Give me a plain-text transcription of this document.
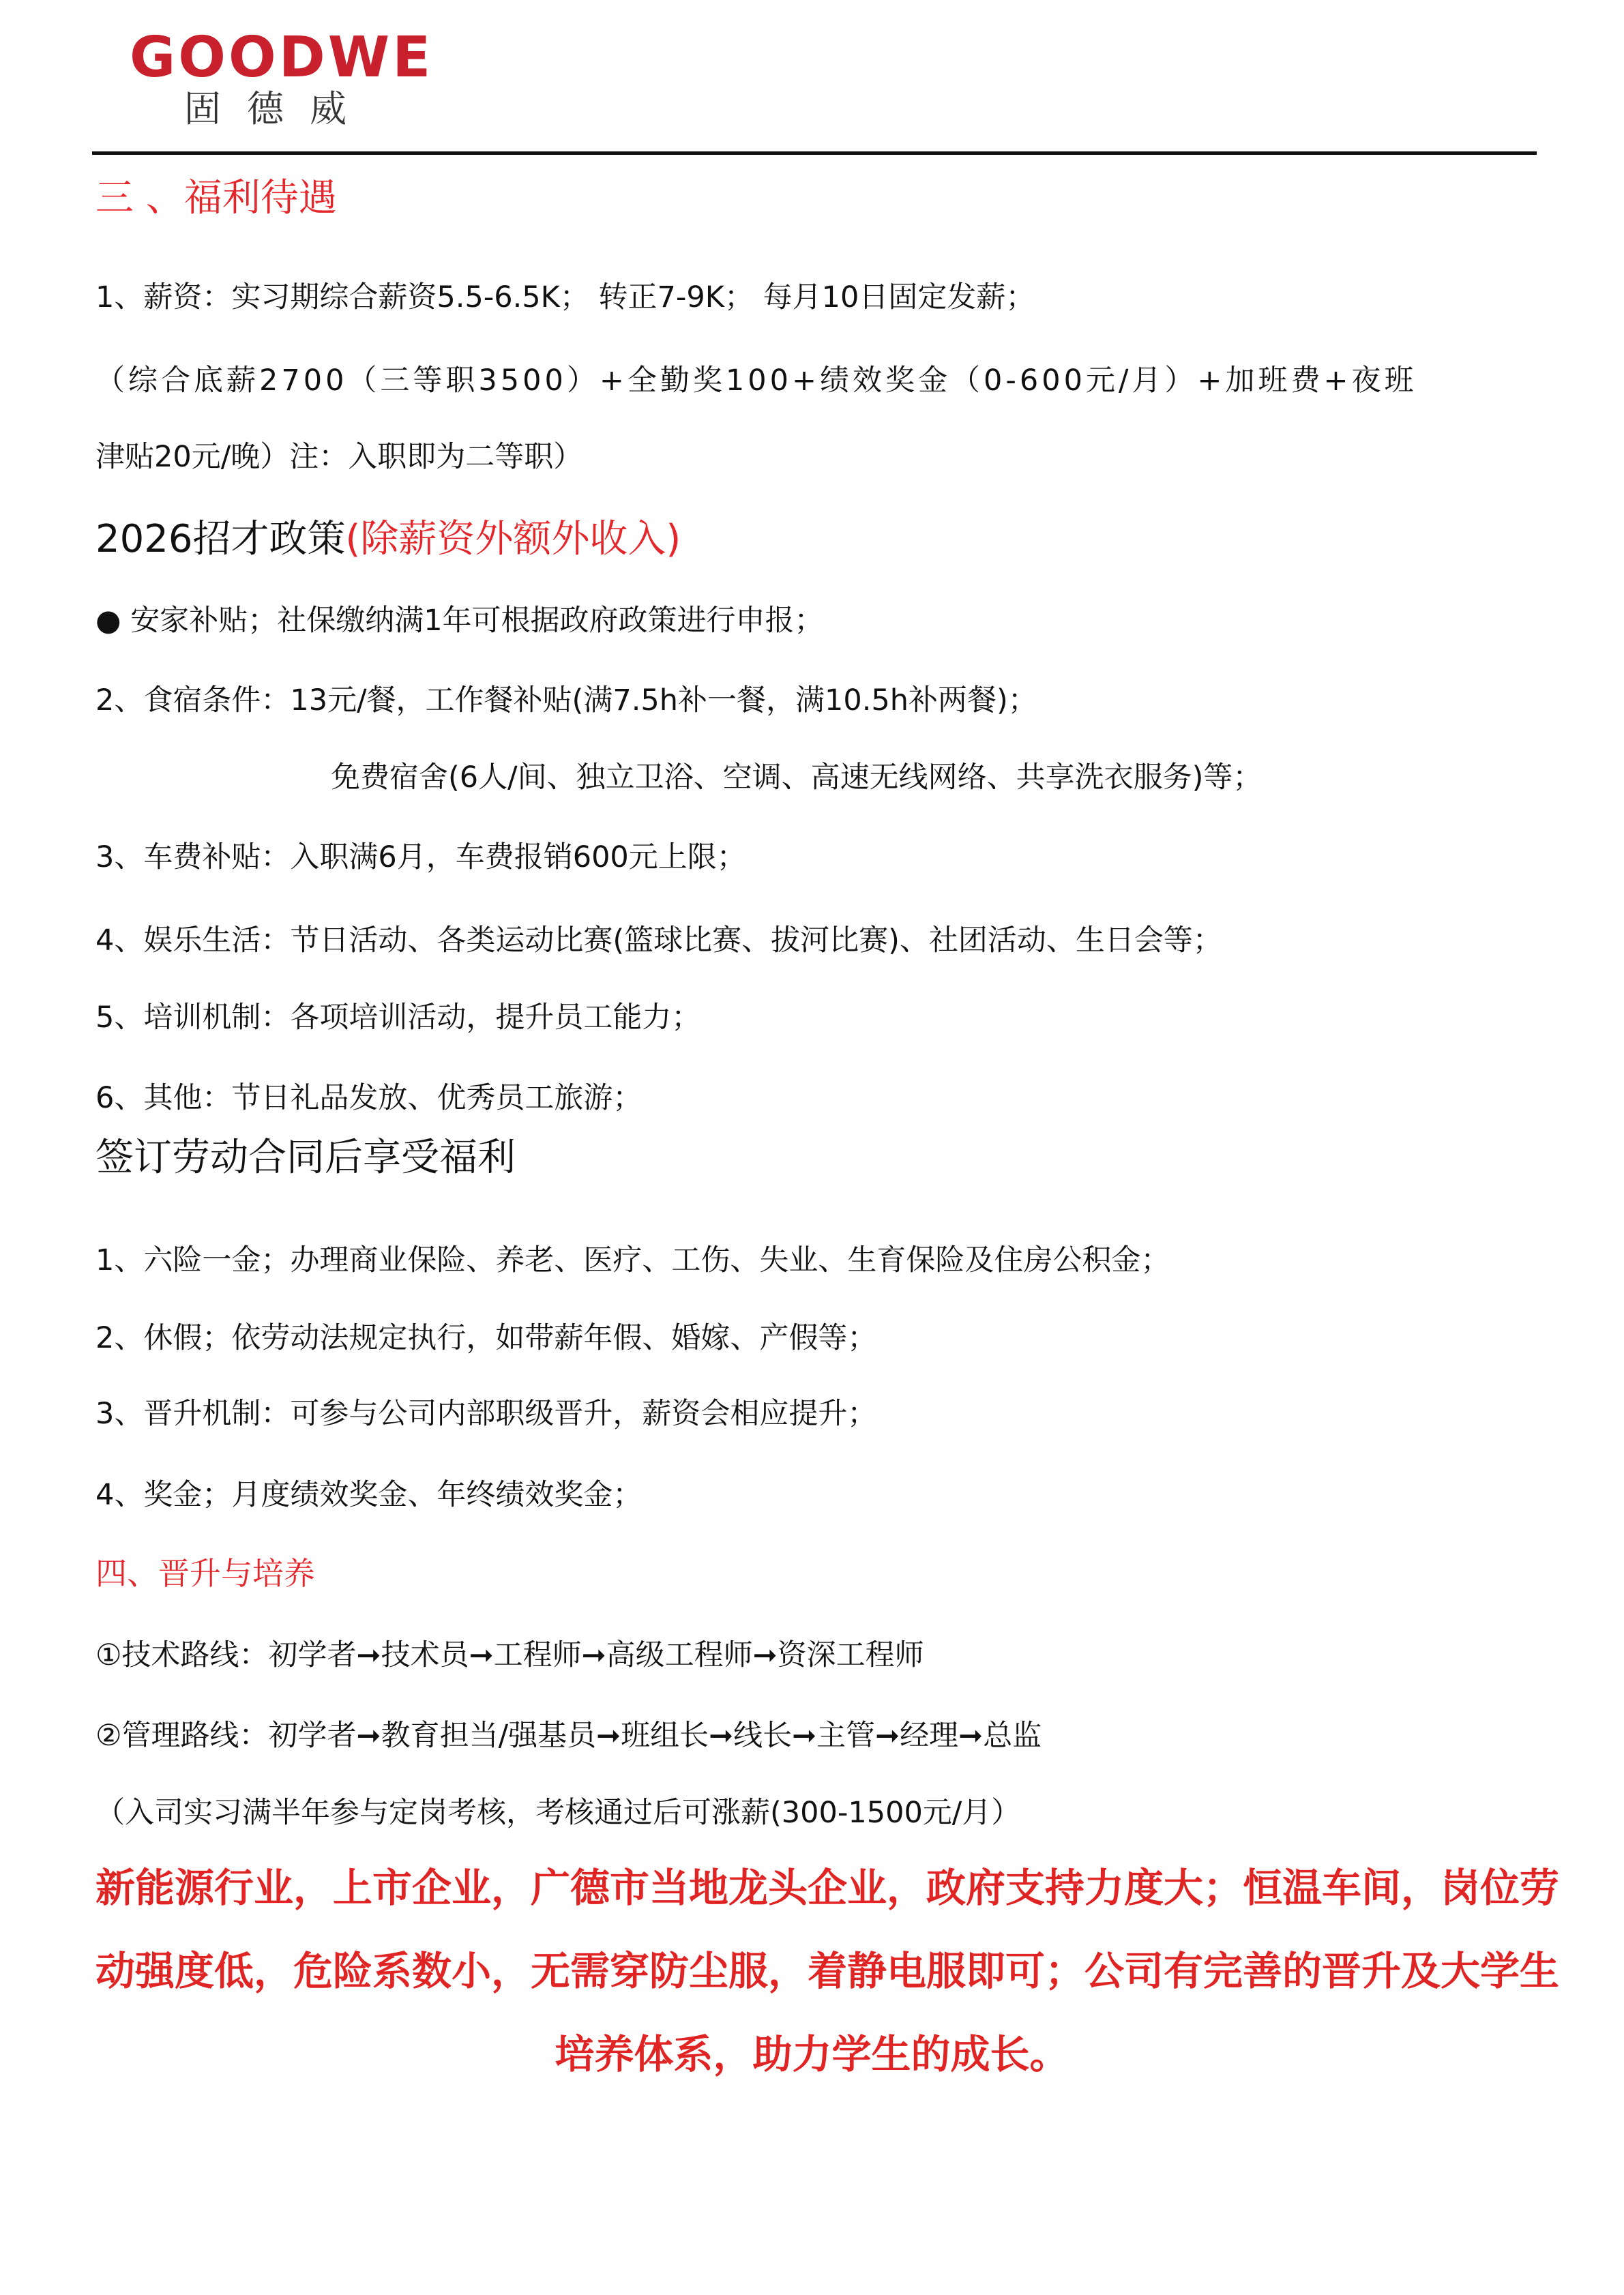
GOODWE
固德威
三 、福利待遇
1、薪资：实习期综合薪资5.5-6.5K； 转正7-9K； 每月10日固定发薪；
（综合底薪2700（三等职3500）+全勤奖100+绩效奖金（0-600元/月）+加班费+夜班
津贴20元/晚）注：入职即为二等职）
2026招才政策(除薪资外额外收入)
● 安家补贴；社保缴纳满1年可根据政府政策进行申报；
2、食宿条件：13元/餐，工作餐补贴(满7.5h补一餐，满10.5h补两餐)；
免费宿舍(6人/间、独立卫浴、空调、高速无线网络、共享洗衣服务)等；
3、车费补贴：入职满6月，车费报销600元上限；
4、娱乐生活：节日活动、各类运动比赛(篮球比赛、拔河比赛)、社团活动、生日会等；
5、培训机制：各项培训活动，提升员工能力；
6、其他：节日礼品发放、优秀员工旅游；
签订劳动合同后享受福利
1、六险一金；办理商业保险、养老、医疗、工伤、失业、生育保险及住房公积金；
2、休假；依劳动法规定执行，如带薪年假、婚嫁、产假等；
3、晋升机制：可参与公司内部职级晋升，薪资会相应提升；
4、奖金；月度绩效奖金、年终绩效奖金；
四、晋升与培养
①技术路线：初学者➞技术员➞工程师➞高级工程师➞资深工程师
②管理路线：初学者➞教育担当/强基员➞班组长➞线长➞主管➞经理➞总监
（入司实习满半年参与定岗考核，考核通过后可涨薪(300-1500元/月）
新能源行业，上市企业，广德市当地龙头企业，政府支持力度大；恒温车间，岗位劳
动强度低，危险系数小，无需穿防尘服，着静电服即可；公司有完善的晋升及大学生
培养体系，助力学生的成长。
